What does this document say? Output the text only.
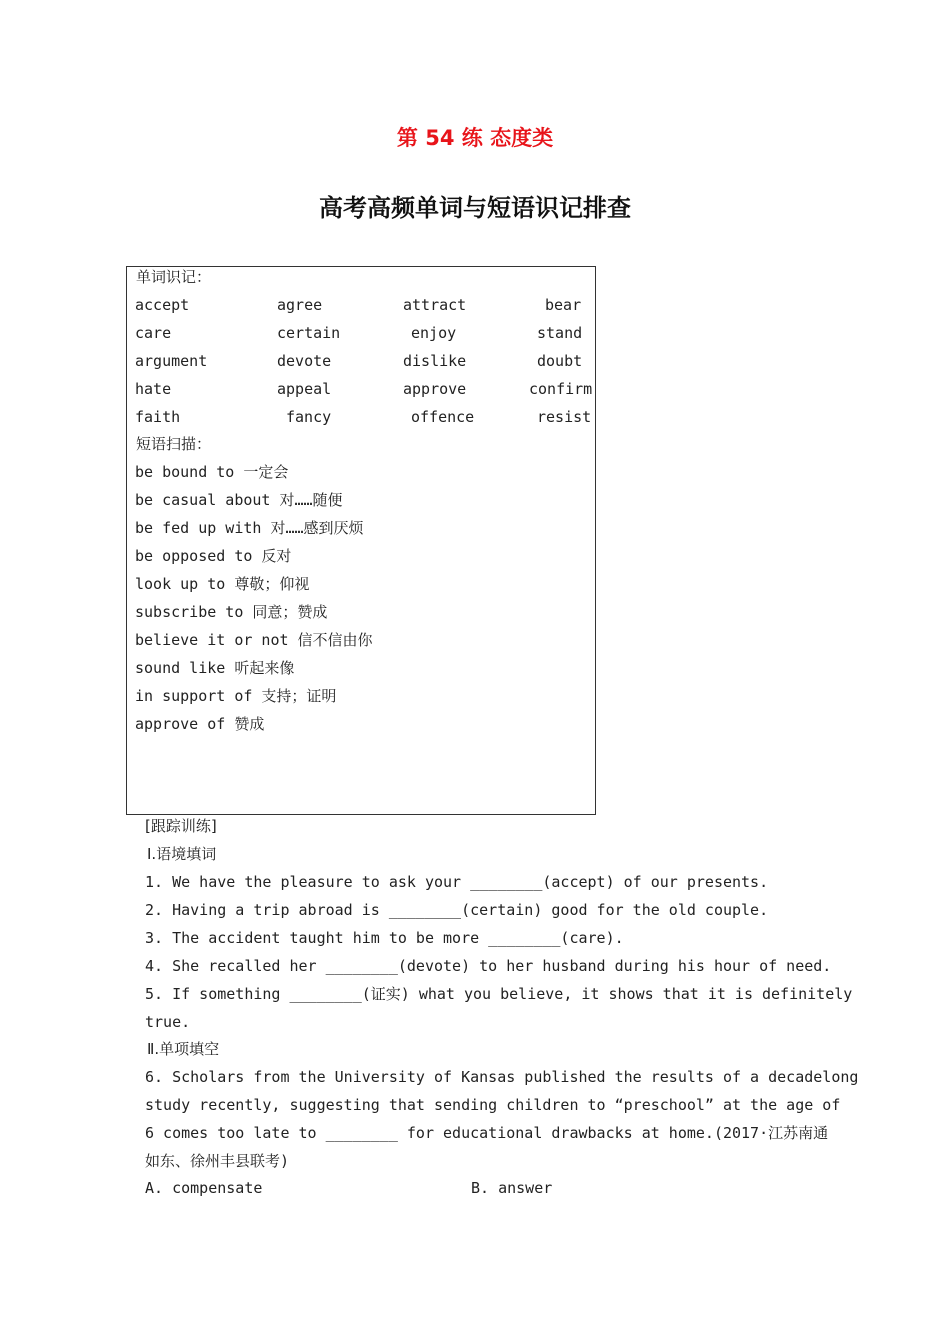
第 54 练 态度类
高考高频单词与短语识记排查
单词识记：
accept	agree	attract	bear
care	certain	enjoy	stand
argument	devote	dislike	doubt
hate	appeal	approve	confirm
faith	fancy	offence	resist
短语扫描：
be bound to 一定会
be casual about 对……随便
be fed up with 对……感到厌烦
be opposed to 反对
look up to 尊敬；仰视
subscribe to 同意；赞成
believe it or not 信不信由你
sound like 听起来像
in support of 支持；证明
approve of 赞成
[跟踪训练]
Ⅰ.语境填词
1. We have the pleasure to ask your ________(accept) of our presents.
2. Having a trip abroad is ________(certain) good for the old couple.
3. The accident taught him to be more ________(care).
4. She recalled her ________(devote) to her husband during his hour of need.
5. If something ________(证实) what you believe, it shows that it is definitely
true.
Ⅱ.单项填空
6. Scholars from the University of Kansas published the results of a decadelong
study recently, suggesting that sending children to “preschool” at the age of
6 comes too late to ________ for educational drawbacks at home.(2017·江苏南通
如东、徐州丰县联考)
A. compensate	B. answer
